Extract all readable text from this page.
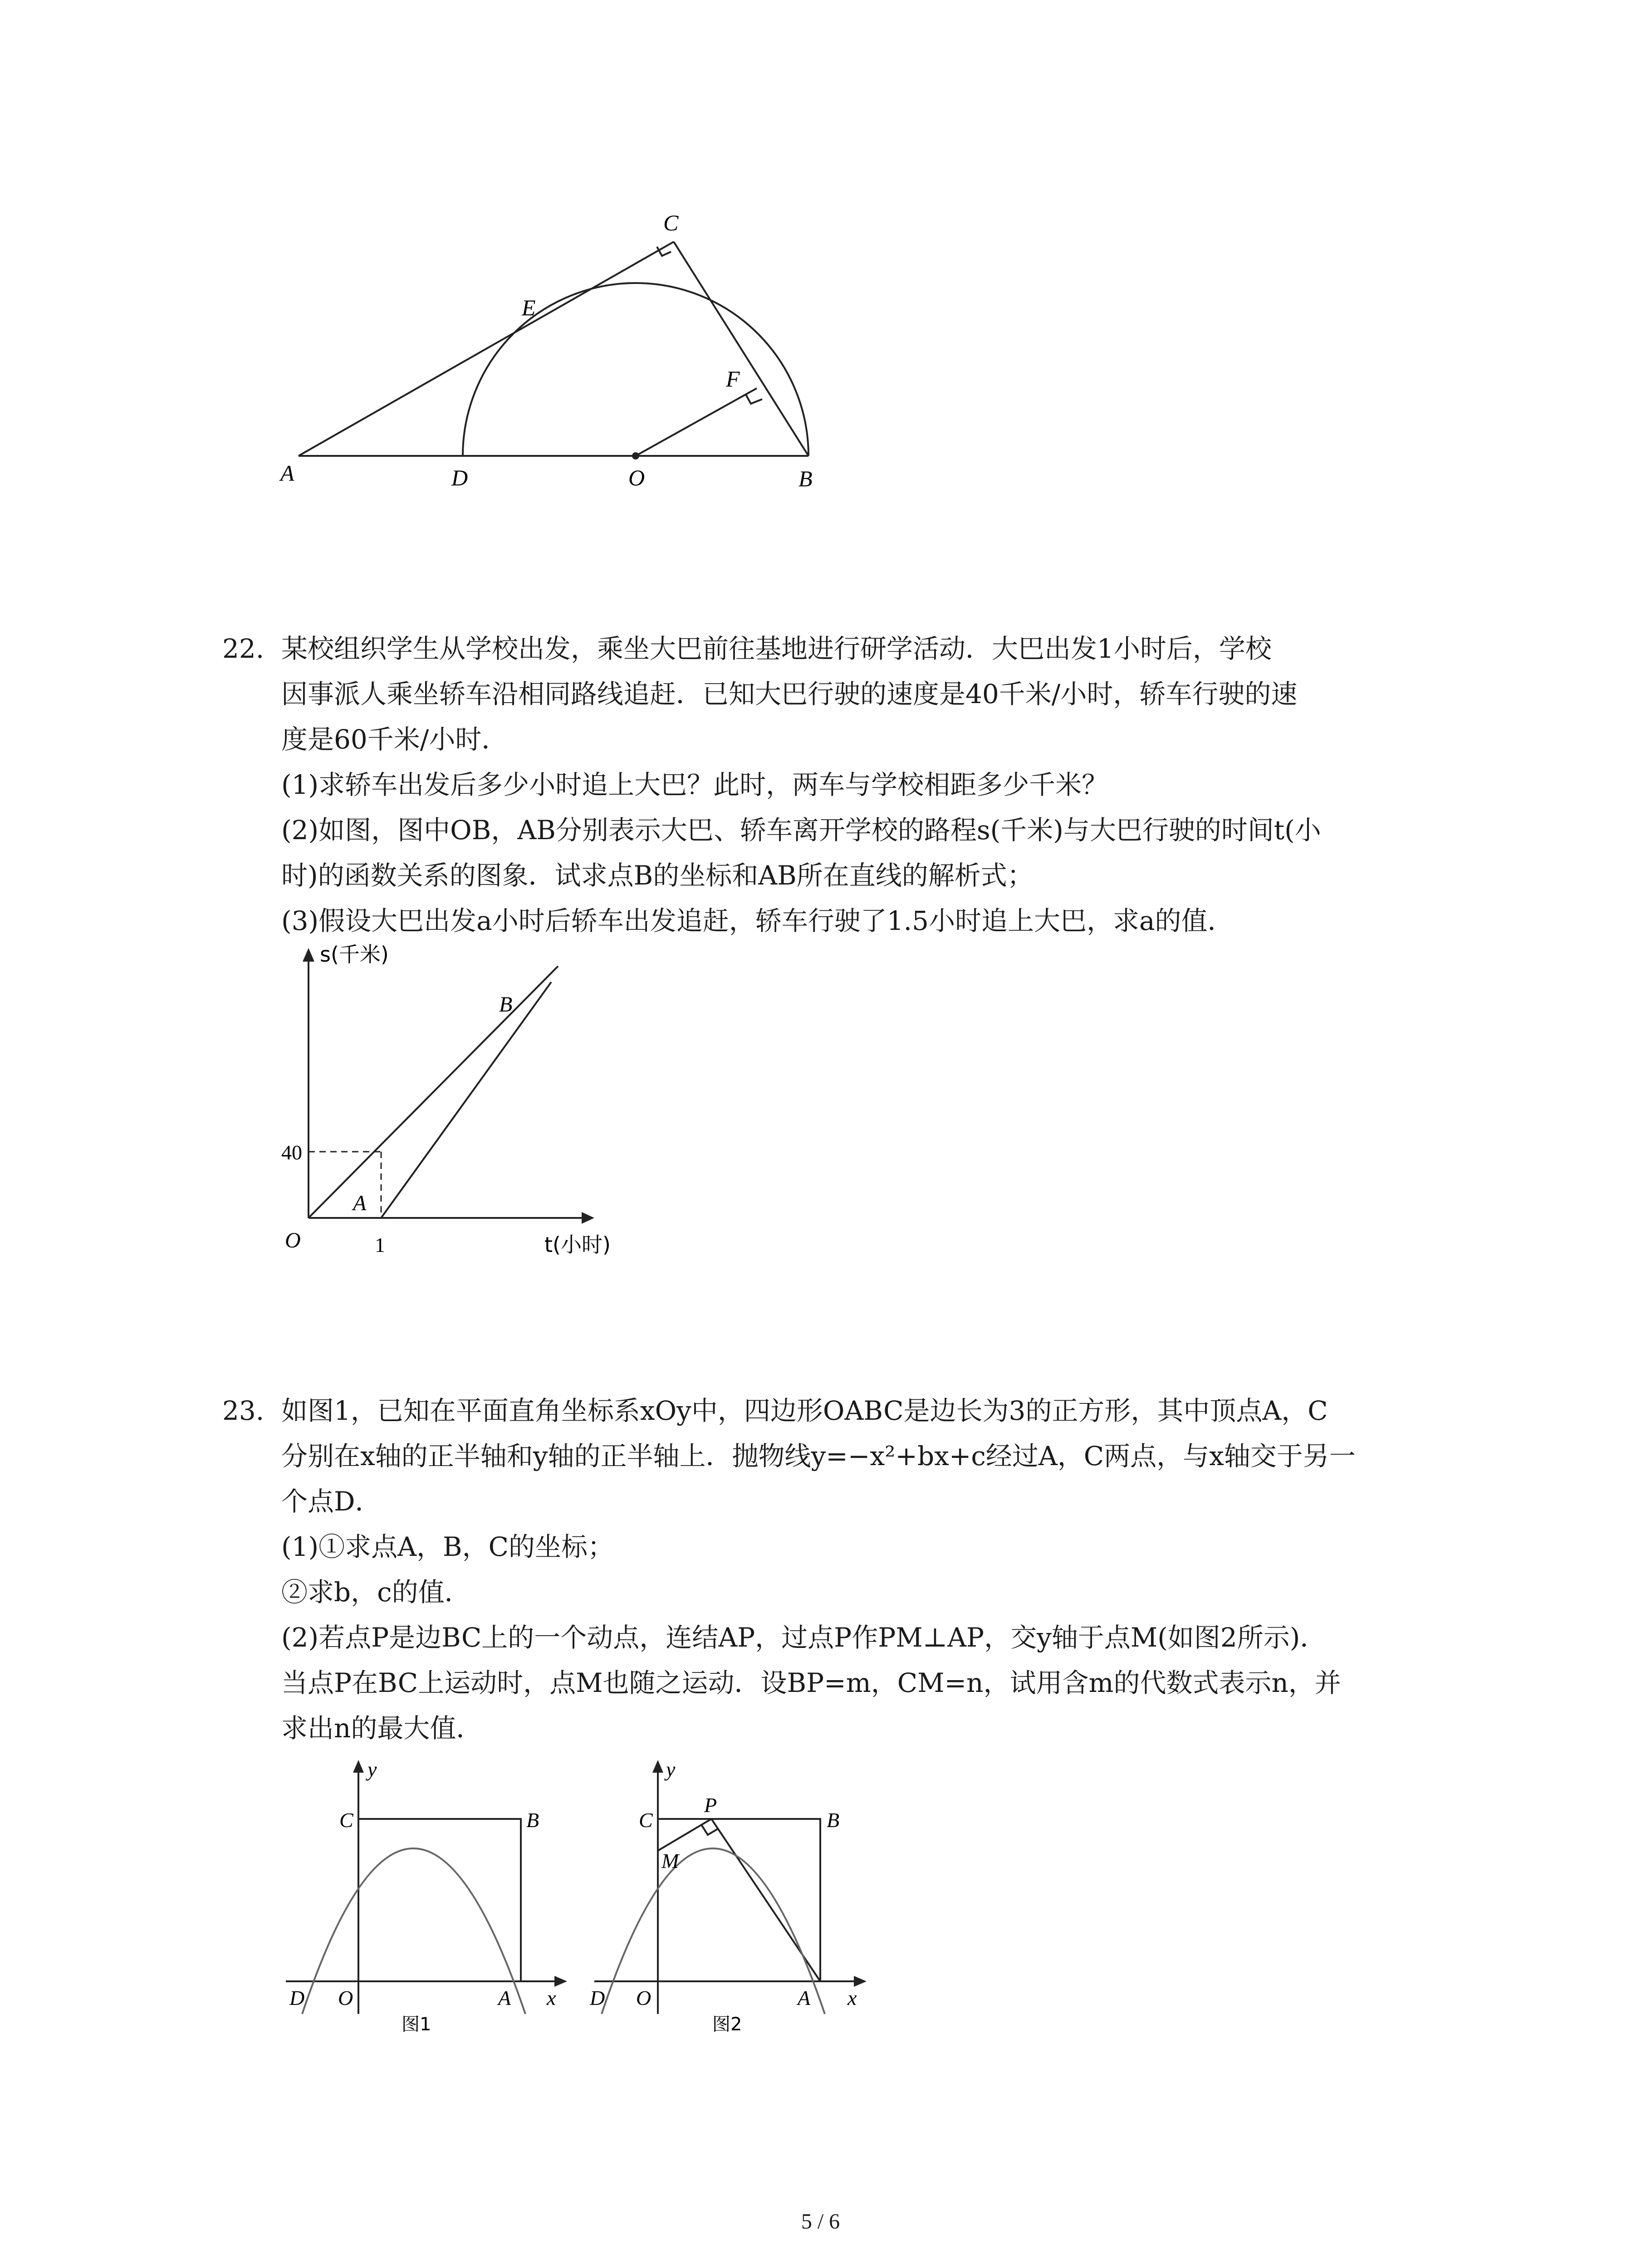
A	D	O	B
C
E
F
22. 某校组织学生从学校出发，乘坐大巴前往基地进行研学活动．大巴出发1小时后，学校
因事派人乘坐轿车沿相同路线追赶．已知大巴行驶的速度是40千米/小时，轿车行驶的速
度是60千米/小时．
(1)求轿车出发后多少小时追上大巴？此时，两车与学校相距多少千米？
(2)如图，图中OB，AB分别表示大巴、轿车离开学校的路程s(千米)与大巴行驶的时间t(小
时)的函数关系的图象．试求点B的坐标和AB所在直线的解析式；
(3)假设大巴出发a小时后轿车出发追赶，轿车行驶了1.5小时追上大巴，求a的值．
s(千米)
t(小时)
40
1
O
A
B
23. 如图1，已知在平面直角坐标系xOy中，四边形OABC是边长为3的正方形，其中顶点A，C
分别在x轴的正半轴和y轴的正半轴上．抛物线y=−x²+bx+c经过A，C两点，与x轴交于另一
个点D．
(1)①求点A，B，C的坐标；
②求b，c的值．
(2)若点P是边BC上的一个动点，连结AP，过点P作PM⊥AP，交y轴于点M(如图2所示)．
当点P在BC上运动时，点M也随之运动．设BP=m，CM=n，试用含m的代数式表示n，并
求出n的最大值．
y
x
C	B
D O	A
图1
y
x
C	B
P
M
D O	A
图2
5 / 6
